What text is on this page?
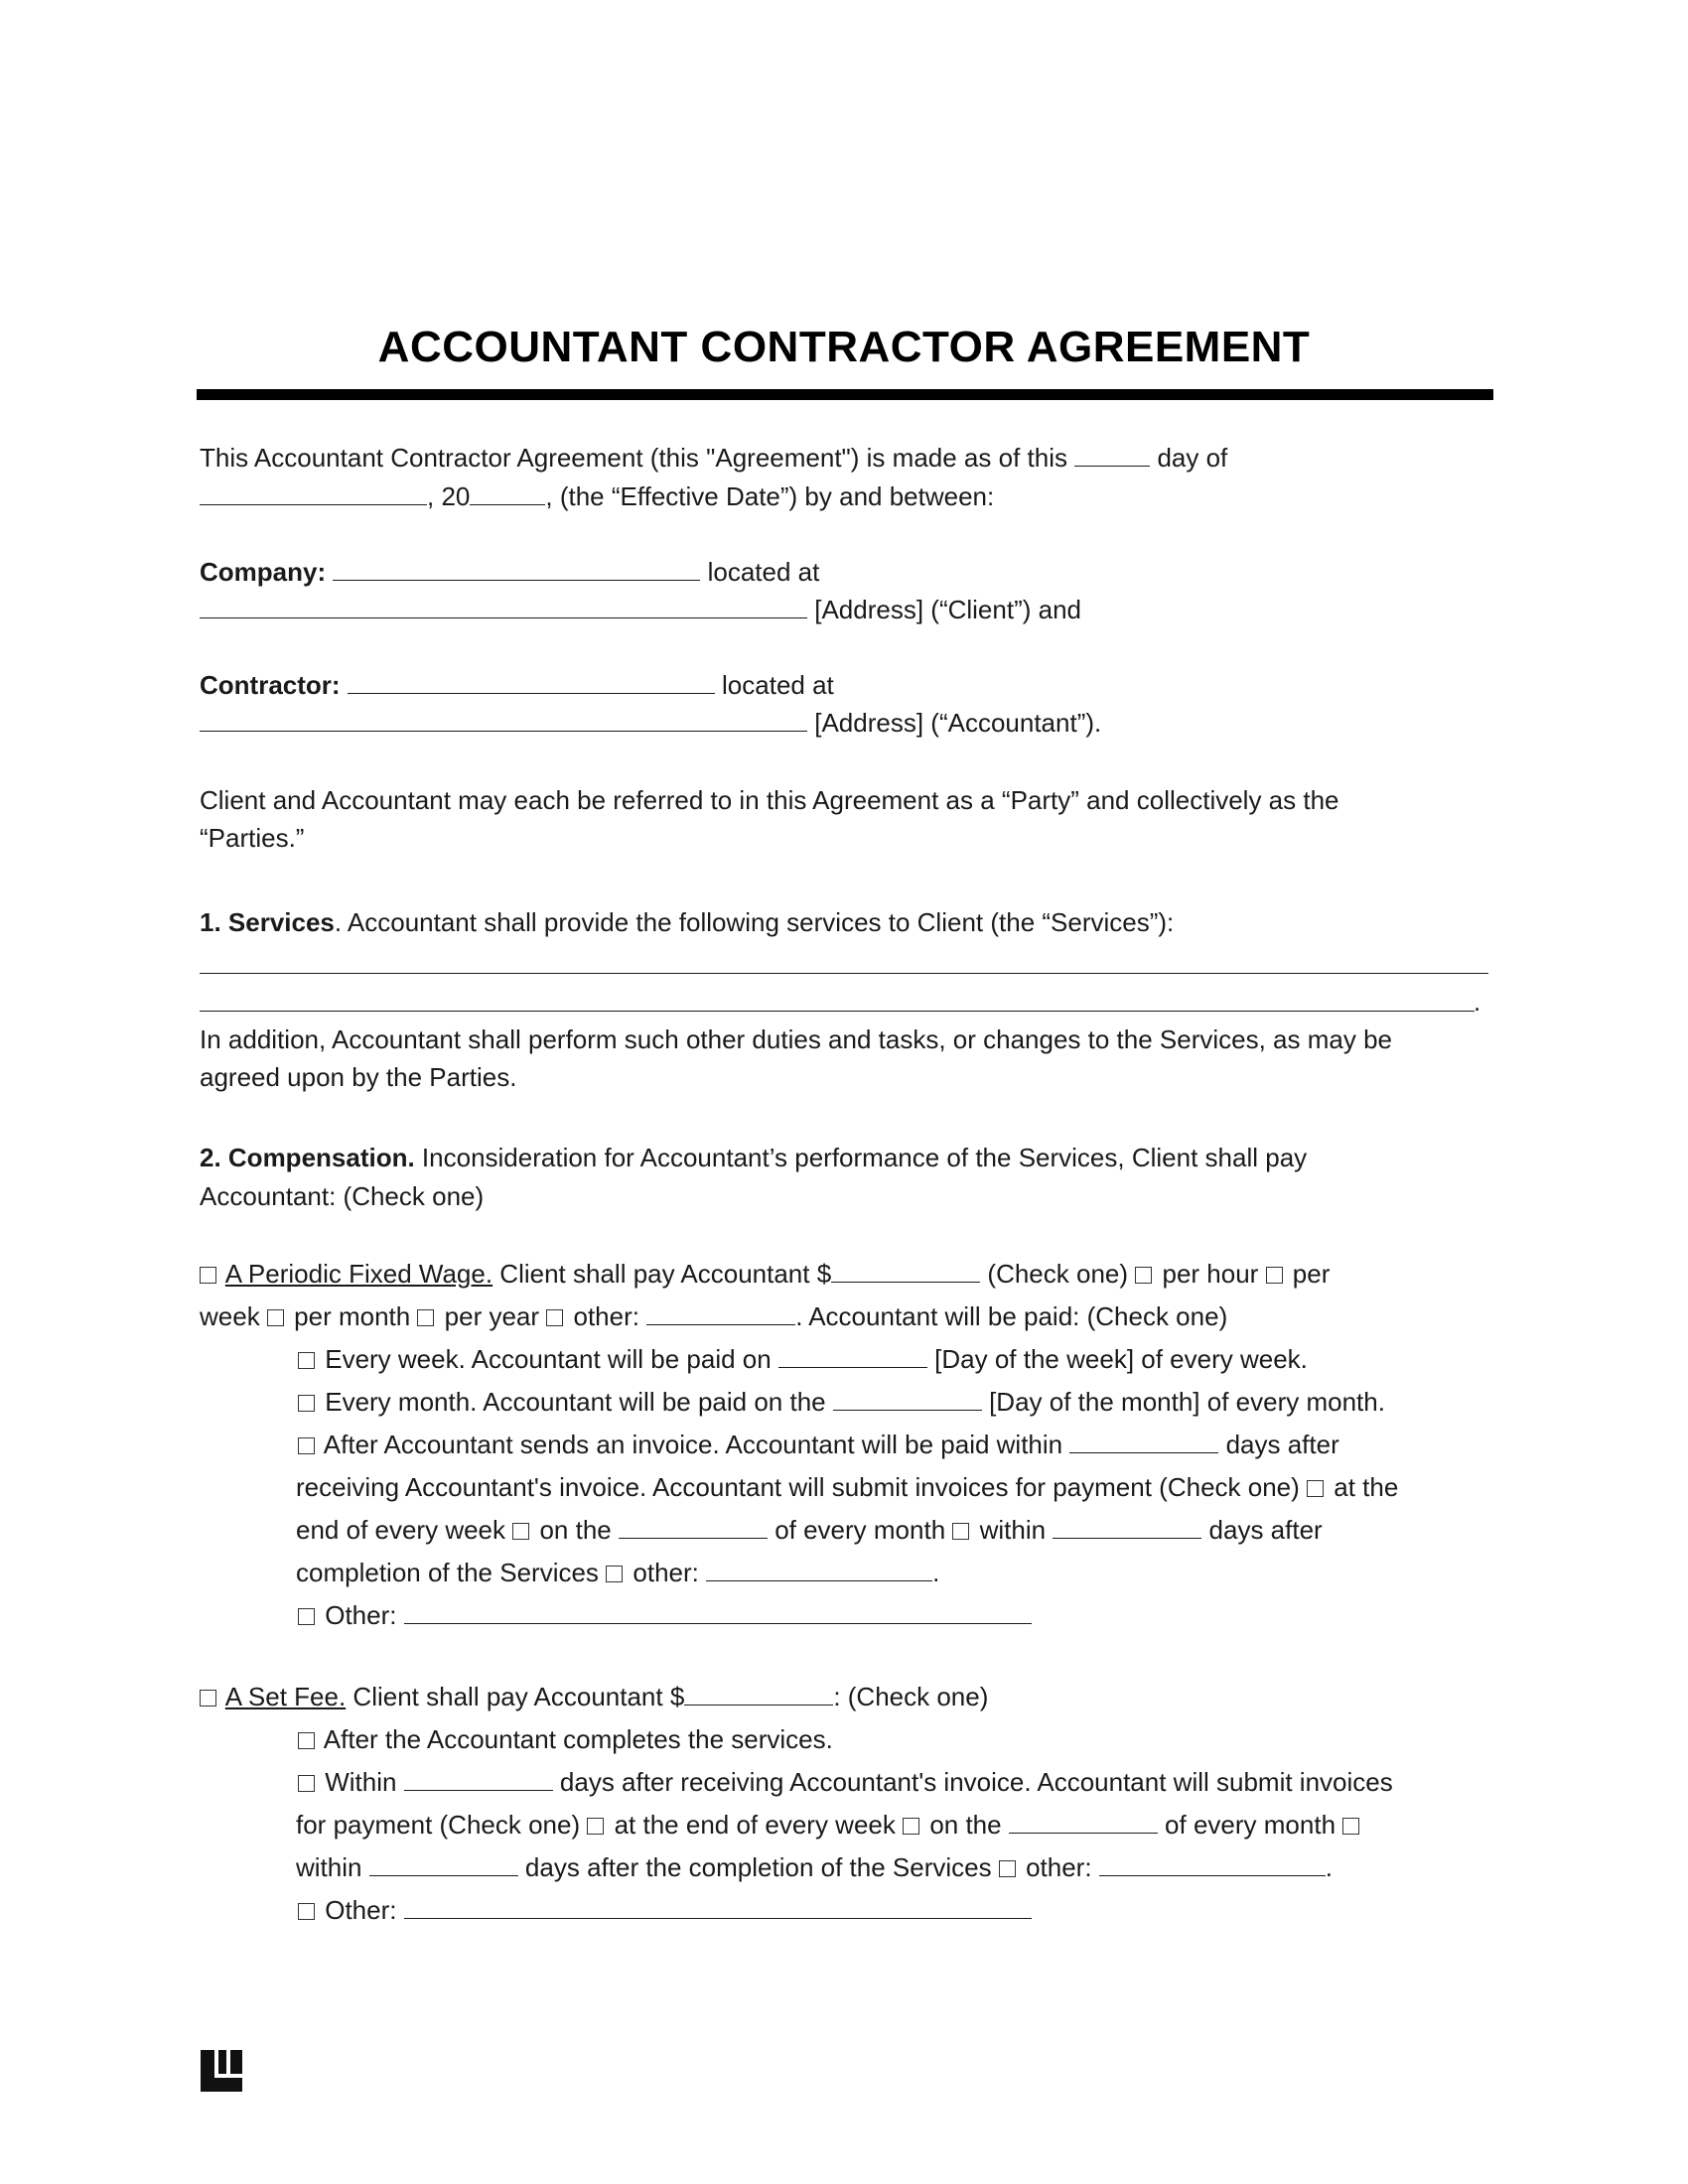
ACCOUNTANT CONTRACTOR AGREEMENT
This Accountant Contractor Agreement (this "Agreement") is made as of this	day of
, 20	, (the “Effective Date”) by and between:
Company:	located at
[Address] (“Client”) and
Contractor:	located at
[Address] (“Accountant”).
Client and Accountant may each be referred to in this Agreement as a “Party” and collectively as the
“Parties.”
1. Services. Accountant shall provide the following services to Client (the “Services”):
.
In addition, Accountant shall perform such other duties and tasks, or changes to the Services, as may be
agreed upon by the Parties.
2. Compensation. Inconsideration for Accountant’s performance of the Services, Client shall pay
Accountant: (Check one)
A Periodic Fixed Wage. Client shall pay Accountant $	(Check one)  per hour  per
week  per month  per year  other:	. Accountant will be paid: (Check one)
Every week. Accountant will be paid on	[Day of the week] of every week.
Every month. Accountant will be paid on the	[Day of the month] of every month.
After Accountant sends an invoice. Accountant will be paid within	days after
receiving Accountant's invoice. Accountant will submit invoices for payment (Check one)  at the
end of every week  on the	of every month  within	days after
completion of the Services  other:	.
Other:
A Set Fee. Client shall pay Accountant $	: (Check one)
After the Accountant completes the services.
Within	days after receiving Accountant's invoice. Accountant will submit invoices
for payment (Check one)  at the end of every week  on the	of every month
within	days after the completion of the Services  other:	.
Other:
